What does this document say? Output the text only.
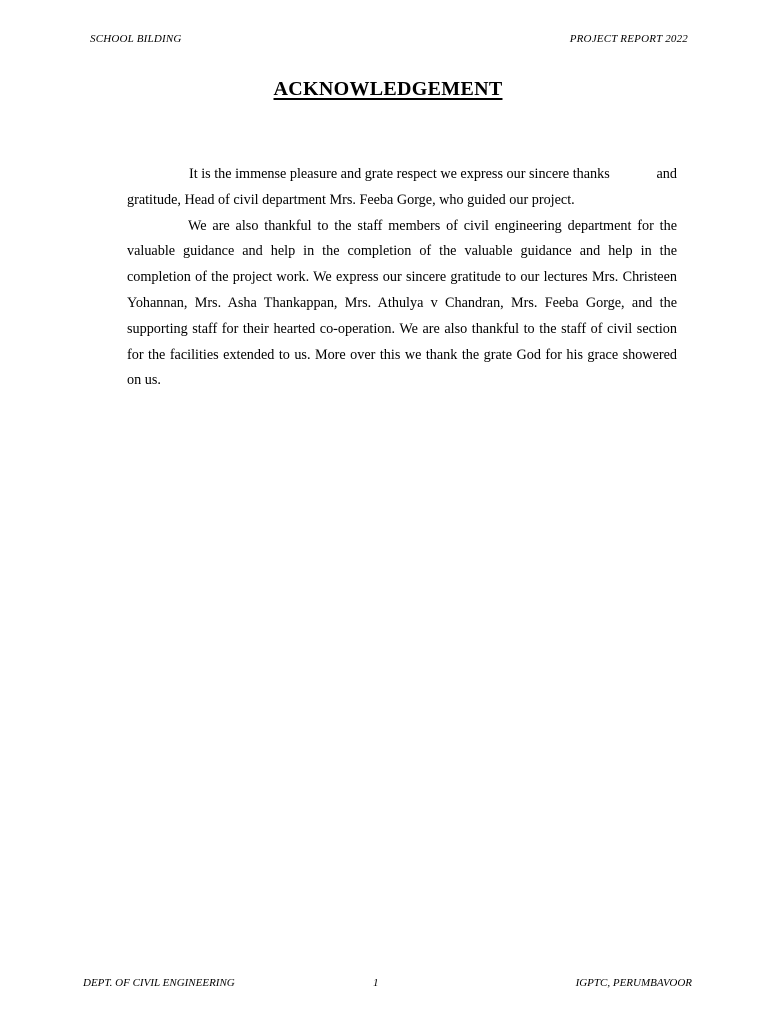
SCHOOL BILDING	PROJECT REPORT 2022
ACKNOWLEDGEMENT

It is the immense pleasure and grate respect we express our sincere thanks	and
gratitude, Head of civil department Mrs. Feeba Gorge, who guided our project.

We are also thankful to the staff members of civil engineering department for the valuable guidance and help in the completion of the valuable guidance and help in the completion of the project work. We express our sincere gratitude to our lectures Mrs. Christeen Yohannan, Mrs. Asha Thankappan, Mrs. Athulya v Chandran, Mrs. Feeba Gorge, and the supporting staff for their hearted co-operation. We are also thankful to the staff of civil section for the facilities extended to us. More over this we thank the grate God for his grace showered on us.

DEPT. OF CIVIL ENGINEERING	1	IGPTC, PERUMBAVOOR
